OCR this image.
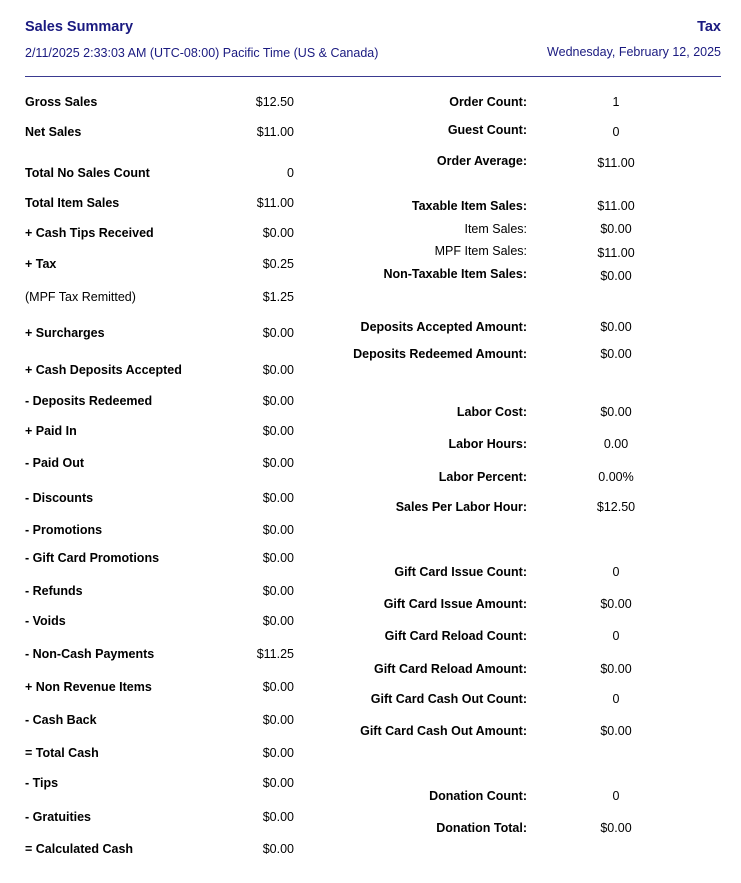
Sales Summary
2/11/2025 2:33:03 AM (UTC-08:00) Pacific Time (US & Canada)
Tax
Wednesday, February 12, 2025
Gross Sales	$12.50
Net Sales	$11.00
Total No Sales Count	0
Total Item Sales	$11.00
+ Cash Tips Received	$0.00
+ Tax	$0.25
(MPF Tax Remitted)	$1.25
+ Surcharges	$0.00
+ Cash Deposits Accepted	$0.00
- Deposits Redeemed	$0.00
+ Paid In	$0.00
- Paid Out	$0.00
- Discounts	$0.00
- Promotions	$0.00
- Gift Card Promotions	$0.00
- Refunds	$0.00
- Voids	$0.00
- Non-Cash Payments	$11.25
+ Non Revenue Items	$0.00
- Cash Back	$0.00
= Total Cash	$0.00
- Tips	$0.00
- Gratuities	$0.00
= Calculated Cash	$0.00
Order Count:	1
Guest Count:	0
Order Average:	$11.00
Taxable Item Sales:	$11.00
Item Sales:	$0.00
MPF Item Sales:	$11.00
Non-Taxable Item Sales:	$0.00
Deposits Accepted Amount:	$0.00
Deposits Redeemed Amount:	$0.00
Labor Cost:	$0.00
Labor Hours:	0.00
Labor Percent:	0.00%
Sales Per Labor Hour:	$12.50
Gift Card Issue Count:	0
Gift Card Issue Amount:	$0.00
Gift Card Reload Count:	0
Gift Card Reload Amount:	$0.00
Gift Card Cash Out Count:	0
Gift Card Cash Out Amount:	$0.00
Donation Count:	0
Donation Total:	$0.00
